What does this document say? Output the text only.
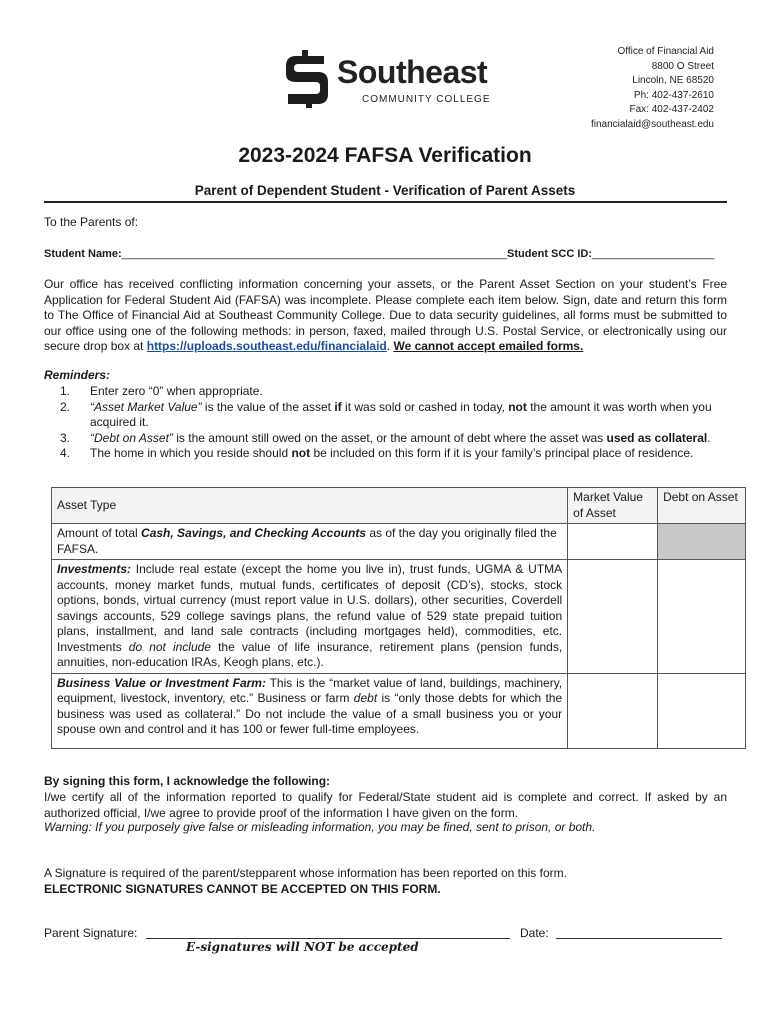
Southeast
COMMUNITY COLLEGE
Office of Financial Aid
8800 O Street
Lincoln, NE 68520
Ph: 402-437-2610
Fax: 402-437-2402
financialaid@southeast.edu
2023-2024 FAFSA Verification
Parent of Dependent Student - Verification of Parent Assets
To the Parents of:
Student Name:_______________________________________________________________Student SCC ID:____________________
Our office has received conflicting information concerning your assets, or the Parent Asset Section on your student’s Free Application for Federal Student Aid (FAFSA) was incomplete. Please complete each item below. Sign, date and return this form to The Office of Financial Aid at Southeast Community College. Due to data security guidelines, all forms must be submitted to our office using one of the following methods: in person, faxed, mailed through U.S. Postal Service, or electronically using our secure drop box at https://uploads.southeast.edu/financialaid. We cannot accept emailed forms.
Reminders:
1.	Enter zero “0” when appropriate.
2.	“Asset Market Value” is the value of the asset if it was sold or cashed in today, not the amount it was worth when you acquired it.
3.	“Debt on Asset” is the amount still owed on the asset, or the amount of debt where the asset was used as collateral.
4.	The home in which you reside should not be included on this form if it is your family’s principal place of residence.
Asset Type	Market Value of Asset	Debt on Asset
Amount of total Cash, Savings, and Checking Accounts as of the day you originally filed the FAFSA.		
Investments: Include real estate (except the home you live in), trust funds, UGMA & UTMA accounts, money market funds, mutual funds, certificates of deposit (CD’s), stocks, stock options, bonds, virtual currency (must report value in U.S. dollars), other securities, Coverdell savings accounts, 529 college savings plans, the refund value of 529 state prepaid tuition plans, installment, and land sale contracts (including mortgages held), commodities, etc. Investments do not include the value of life insurance, retirement plans (pension funds, annuities, non-education IRAs, Keogh plans, etc.).		
Business Value or Investment Farm: This is the “market value of land, buildings, machinery, equipment, livestock, inventory, etc.” Business or farm debt is “only those debts for which the business was used as collateral.” Do not include the value of a small business you or your spouse own and control and it has 100 or fewer full-time employees.		
By signing this form, I acknowledge the following:
I/we certify all of the information reported to qualify for Federal/State student aid is complete and correct. If asked by an authorized official, I/we agree to provide proof of the information I have given on the form.
Warning: If you purposely give false or misleading information, you may be fined, sent to prison, or both.
A Signature is required of the parent/stepparent whose information has been reported on this form.
ELECTRONIC SIGNATURES CANNOT BE ACCEPTED ON THIS FORM.
Parent Signature:	Date:
E-signatures will NOT be accepted
